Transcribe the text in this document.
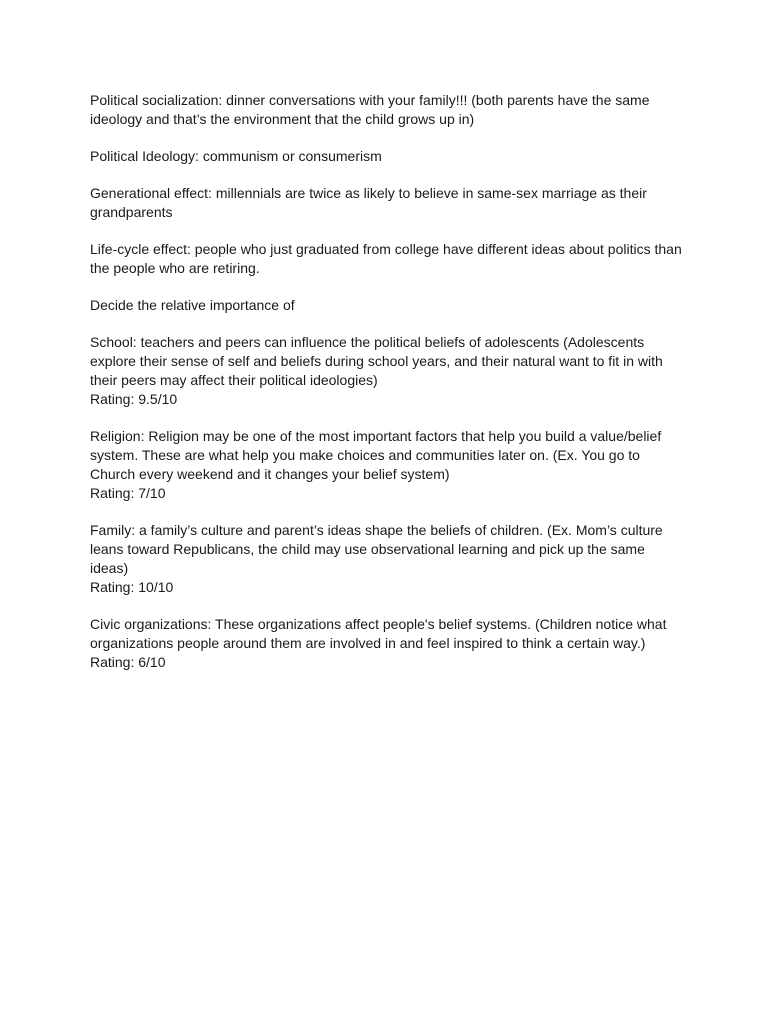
Political socialization: dinner conversations with your family!!! (both parents have the same ideology and that’s the environment that the child grows up in)

Political Ideology: communism or consumerism

Generational effect: millennials are twice as likely to believe in same-sex marriage as their grandparents

Life-cycle effect: people who just graduated from college have different ideas about politics than the people who are retiring.

Decide the relative importance of

School: teachers and peers can influence the political beliefs of adolescents (Adolescents explore their sense of self and beliefs during school years, and their natural want to fit in with their peers may affect their political ideologies)
Rating: 9.5/10

Religion: Religion may be one of the most important factors that help you build a value/belief system. These are what help you make choices and communities later on. (Ex. You go to Church every weekend and it changes your belief system)
Rating: 7/10

Family: a family’s culture and parent’s ideas shape the beliefs of children. (Ex. Mom’s culture leans toward Republicans, the child may use observational learning and pick up the same ideas)
Rating: 10/10

Civic organizations: These organizations affect people's belief systems. (Children notice what organizations people around them are involved in and feel inspired to think a certain way.)
Rating: 6/10
